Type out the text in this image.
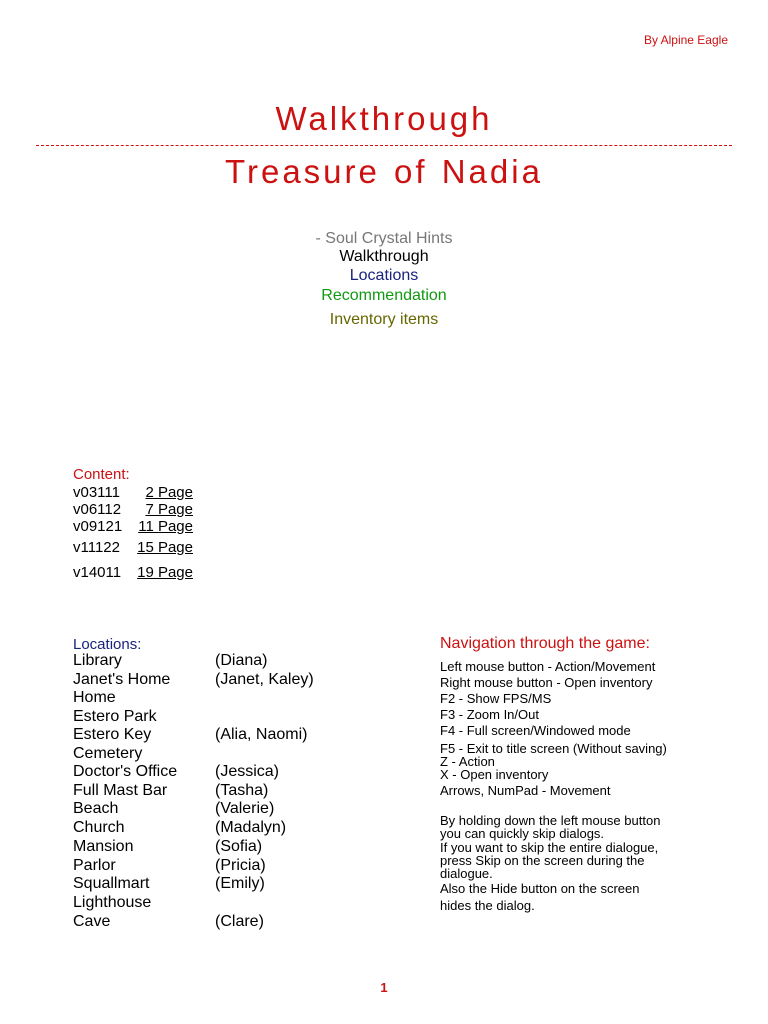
By Alpine Eagle
Walkthrough
Treasure of Nadia
- Soul Crystal Hints
Walkthrough
Locations
Recommendation
Inventory items
Content:
v03111 2 Page
v06112 7 Page
v09121 11 Page
v11122 15 Page
v14011 19 Page
Locations:
Library	(Diana)
Janet's Home	(Janet, Kaley)
Home
Estero Park
Estero Key	(Alia, Naomi)
Cemetery
Doctor's Office (Jessica)
Full Mast Bar	(Tasha)
Beach	(Valerie)
Church	(Madalyn)
Mansion	(Sofia)
Parlor	(Pricia)
Squallmart	(Emily)
Lighthouse
Cave	(Clare)
Navigation through the game:
Left mouse button - Action/Movement
Right mouse button - Open inventory
F2 - Show FPS/MS
F3 - Zoom In/Out
F4 - Full screen/Windowed mode
F5 - Exit to title screen (Without saving)
Z - Action
X - Open inventory
Arrows, NumPad - Movement
By holding down the left mouse button
you can quickly skip dialogs.
If you want to skip the entire dialogue,
press Skip on the screen during the
dialogue.
Also the Hide button on the screen
hides the dialog.
1
